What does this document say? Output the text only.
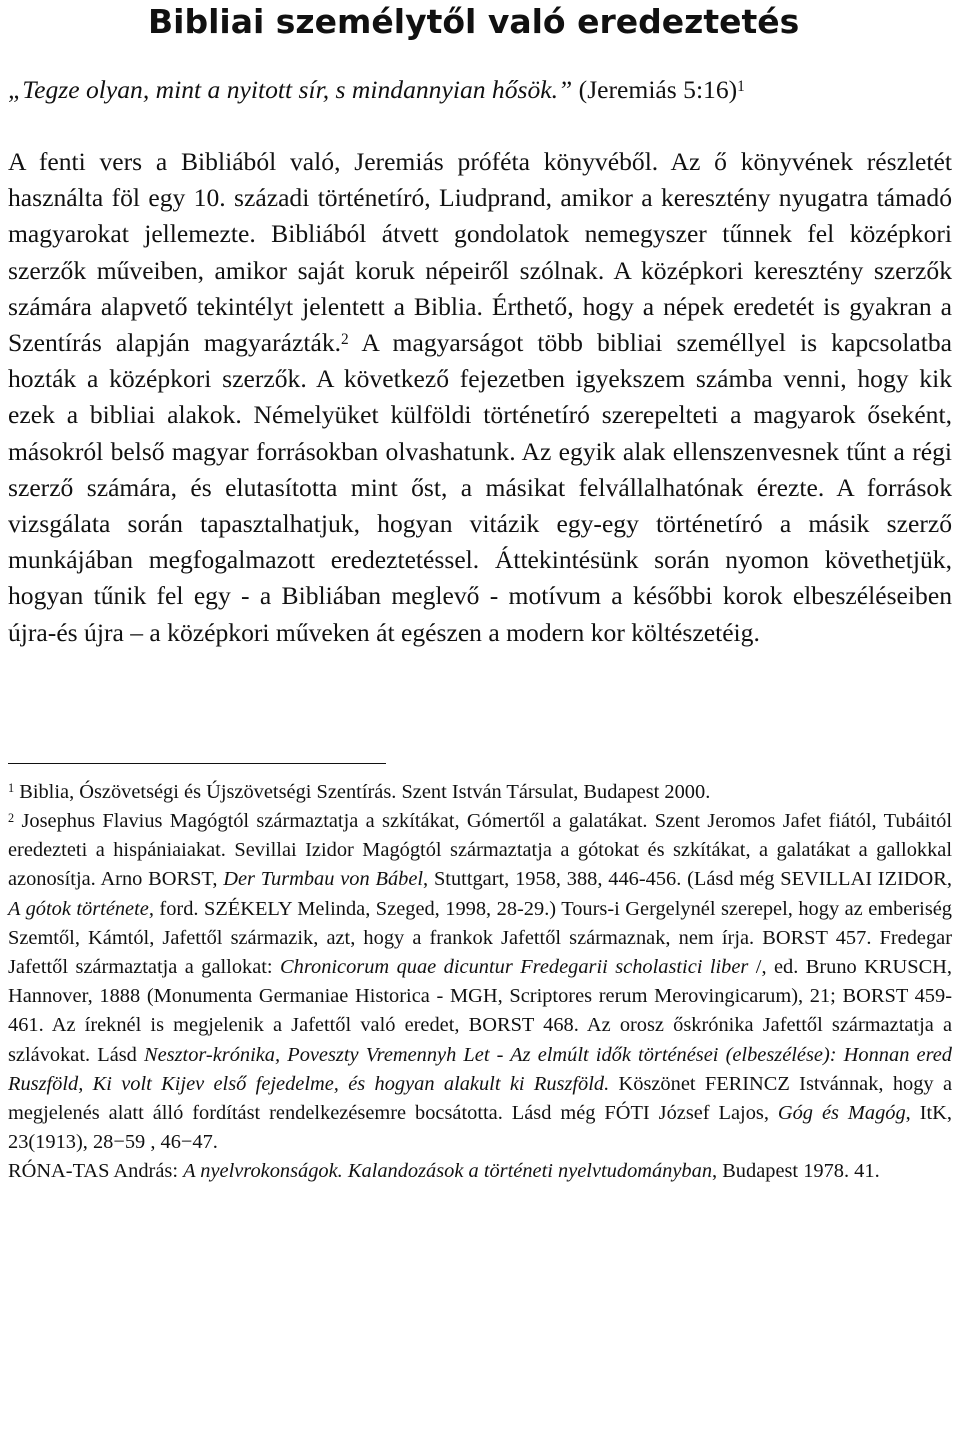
Bibliai személytől való eredeztetés
„Tegze olyan, mint a nyitott sír, s mindannyian hősök.” (Jeremiás 5:16)$^1$
A fenti vers a Bibliából való, Jeremiás próféta könyvéből. Az ő könyvének részletét használta föl egy 10. századi történetíró, Liudprand, amikor a keresztény nyugatra támadó magyarokat jellemezte. Bibliából átvett gondolatok nemegyszer tűnnek fel középkori szerzők műveiben, amikor saját koruk népeiről szólnak. A középkori keresztény szerzők számára alapvető tekintélyt jelentett a Biblia. Érthető, hogy a népek eredetét is gyakran a Szentírás alapján magyarázták.$^2$ A magyarságot több bibliai személlyel is kapcsolatba hozták a középkori szerzők. A következő fejezetben igyekszem számba venni, hogy kik ezek a bibliai alakok. Némelyüket külföldi történetíró szerepelteti a magyarok őseként, másokról belső magyar forrásokban olvashatunk. Az egyik alak ellenszenvesnek tűnt a régi szerző számára, és elutasította mint őst, a másikat felvállalhatónak érezte. A források vizsgálata során tapasztalhatjuk, hogyan vitázik egy-egy történetíró a másik szerző munkájában megfogalmazott eredeztetéssel. Áttekintésünk során nyomon követhetjük, hogyan tűnik fel egy - a Bibliában meglevő - motívum a későbbi korok elbeszéléseiben újra-és újra – a középkori műveken át egészen a modern kor költészetéig.

$^1$ Biblia, Ószövetségi és Újszövetségi Szentírás. Szent István Társulat, Budapest 2000.

$^2$ Josephus Flavius Magógtól származtatja a szkítákat, Gómertől a galatákat. Szent Jeromos Jafet fiától, Tubáitól eredezteti a hispániaiakat. Sevillai Izidor Magógtól származtatja a gótokat és szkítákat, a galatákat a gallokkal azonosítja. Arno BORST, Der Turmbau von Bábel, Stuttgart, 1958, 388, 446-456. (Lásd még SEVILLAI IZIDOR, A gótok története, ford. SZÉKELY Melinda, Szeged, 1998, 28-29.) Tours-i Gergelynél szerepel, hogy az emberiség Szemtől, Kámtól, Jafettől származik, azt, hogy a frankok Jafettől származnak, nem írja. BORST 457. Fredegar Jafettől származtatja a gallokat: Chronicorum quae dicuntur Fredegarii scholastici liber /, ed. Bruno KRUSCH, Hannover, 1888 (Monumenta Germaniae Historica - MGH, Scriptores rerum Merovingicarum), 21; BORST 459-461. Az íreknél is megjelenik a Jafettől való eredet, BORST 468. Az orosz őskrónika Jafettől származtatja a szlávokat. Lásd Nesztor-krónika, Poveszty Vremennyh Let - Az elmúlt idők történései (elbeszélése): Honnan ered Ruszföld, Ki volt Kijev első fejedelme, és hogyan alakult ki Ruszföld. Köszönet FERINCZ Istvánnak, hogy a megjelenés alatt álló fordítást rendelkezésemre bocsátotta. Lásd még FÓTI József Lajos, Góg és Magóg, ItK, 23(1913), 28−59 , 46−47.

RÓNA-TAS András: A nyelvrokonságok. Kalandozások a történeti nyelvtudományban, Budapest 1978. 41.
